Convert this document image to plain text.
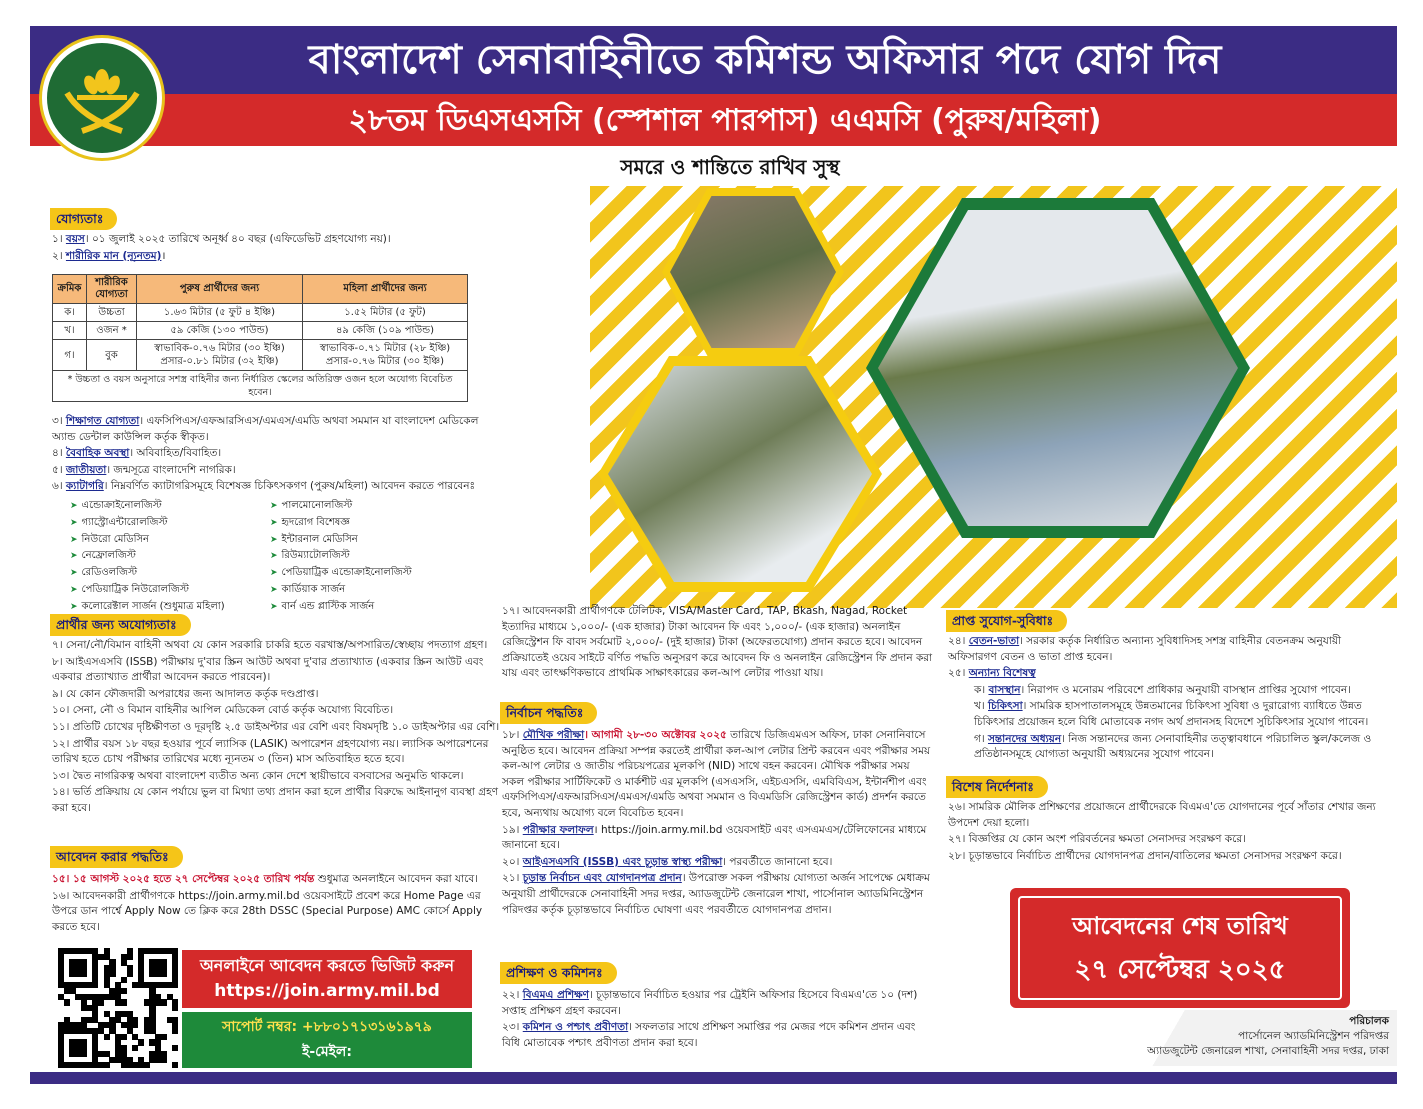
বাংলাদেশ সেনাবাহিনীতে কমিশন্ড অফিসার পদে যোগ দিন
২৮তম ডিএসএসসি (স্পেশাল পারপাস) এএমসি (পুরুষ/মহিলা)
সমরে ও শান্তিতে রাখিব সুস্থ
যোগ্যতাঃ

১। বয়স। ০১ জুলাই ২০২৫ তারিখে অনূর্ধ্ব ৪০ বছর (এফিডেভিট গ্রহণযোগ্য নয়)।

২। শারীরিক মান (ন্যূনতম)।

ক্রমিক	শারীরিক যোগ্যতা	পুরুষ প্রার্থীদের জন্য	মহিলা প্রার্থীদের জন্য
ক।	উচ্চতা	১.৬৩ মিটার (৫ ফুট ৪ ইঞ্চি)	১.৫২ মিটার (৫ ফুট)
খ।	ওজন *	৫৯ কেজি (১৩০ পাউন্ড)	৪৯ কেজি (১০৯ পাউন্ড)
গ।	বুক	স্বাভাবিক-০.৭৬ মিটার (৩০ ইঞ্চি) প্রসার-০.৮১ মিটার (৩২ ইঞ্চি)	স্বাভাবিক-০.৭১ মিটার (২৮ ইঞ্চি) প্রসার-০.৭৬ মিটার (৩০ ইঞ্চি)
* উচ্চতা ও বয়স অনুসারে সশস্ত্র বাহিনীর জন্য নির্ধারিত স্কেলের অতিরিক্ত ওজন হলে অযোগ্য বিবেচিত হবেন।			

৩। শিক্ষাগত যোগ্যতা। এফসিপিএস/এফআরসিএস/এমএস/এমডি অথবা সমমান যা বাংলাদেশ মেডিকেল অ্যান্ড ডেন্টাল কাউন্সিল কর্তৃক স্বীকৃত।

৪। বৈবাহিক অবস্থা। অবিবাহিত/বিবাহিত।

৫। জাতীয়তা। জন্মসূত্রে বাংলাদেশি নাগরিক।

৬। ক্যাটাগরি। নিম্নবর্ণিত ক্যাটাগরিসমূহে বিশেষজ্ঞ চিকিৎসকগণ (পুরুষ/মহিলা) আবেদন করতে পারবেনঃ

➤ এন্ডোক্রাইনোলজিস্ট
➤ গ্যাস্ট্রোএন্টারোলজিস্ট
➤ নিউরো মেডিসিন
➤ নেফ্রোলজিস্ট
➤ রেডিওলজিস্ট
➤ পেডিয়াট্রিক নিউরোলজিস্ট
➤ কলোরেক্টাল সার্জন (শুধুমাত্র মহিলা)
➤ পালমোনোলজিস্ট
➤ হৃদরোগ বিশেষজ্ঞ
➤ ইন্টারনাল মেডিসিন
➤ রিউম্যাটোলজিস্ট
➤ পেডিয়াট্রিক এন্ডোক্রাইনোলজিস্ট
➤ কার্ডিয়াক সার্জন
➤ বার্ন এন্ড প্লাস্টিক সার্জন
প্রার্থীর জন্য অযোগ্যতাঃ

৭। সেনা/নৌ/বিমান বাহিনী অথবা যে কোন সরকারি চাকরি হতে বরখাস্ত/অপসারিত/স্বেচ্ছায় পদত্যাগ গ্রহণ।

৮। আইএসএসবি (ISSB) পরীক্ষায় দু'বার স্ক্রিন আউট অথবা দু'বার প্রত্যাখ্যাত (একবার স্ক্রিন আউট এবং একবার প্রত্যাখ্যাত প্রার্থীরা আবেদন করতে পারবেন)।

৯। যে কোন ফৌজদারী অপরাধের জন্য আদালত কর্তৃক দণ্ডপ্রাপ্ত।

১০। সেনা, নৌ ও বিমান বাহিনীর আপিল মেডিকেল বোর্ড কর্তৃক অযোগ্য বিবেচিত।

১১। প্রতিটি চোখের দৃষ্টিক্ষীণতা ও দূরদৃষ্টি ২.৫ ডাইঅপ্টার এর বেশি এবং বিষমদৃষ্টি ১.০ ডাইঅপ্টার এর বেশি।

১২। প্রার্থীর বয়স ১৮ বছর হওয়ার পূর্বে ল্যাসিক (LASIK) অপারেশন গ্রহণযোগ্য নয়। ল্যাসিক অপারেশনের তারিখ হতে চোখ পরীক্ষার তারিখের মধ্যে ন্যূনতম ৩ (তিন) মাস অতিবাহিত হতে হবে।

১৩। দ্বৈত নাগরিকত্ব অথবা বাংলাদেশ ব্যতীত অন্য কোন দেশে স্থায়ীভাবে বসবাসের অনুমতি থাকলে।

১৪। ভর্তি প্রক্রিয়ায় যে কোন পর্যায়ে ভুল বা মিথ্যা তথ্য প্রদান করা হলে প্রার্থীর বিরুদ্ধে আইনানুগ ব্যবস্থা গ্রহণ করা হবে।

আবেদন করার পদ্ধতিঃ

১৫। ১৫ আগস্ট ২০২৫ হতে ২৭ সেপ্টেম্বর ২০২৫ তারিখ পর্যন্ত শুধুমাত্র অনলাইনে আবেদন করা যাবে।

১৬। আবেদনকারী প্রার্থীগণকে https://join.army.mil.bd ওয়েবসাইটে প্রবেশ করে Home Page এর উপরে ডান পার্শ্বে Apply Now তে ক্লিক করে 28th DSSC (Special Purpose) AMC কোর্সে Apply করতে হবে।

অনলাইনে আবেদন করতে ভিজিট করুন
https://join.army.mil.bd
সাপোর্ট নম্বর: +৮৮০১৭১৩১৬১৯৭৯
ই-মেইল:
১৭। আবেদনকারী প্রার্থীগণকে টেলিটক, VISA/Master Card, TAP, Bkash, Nagad, Rocket ইত্যাদির মাধ্যমে ১,০০০/- (এক হাজার) টাকা আবেদন ফি এবং ১,০০০/- (এক হাজার) অনলাইন রেজিস্ট্রেশন ফি বাবদ সর্বমোট ২,০০০/- (দুই হাজার) টাকা (অফেরতযোগ্য) প্রদান করতে হবে। আবেদন প্রক্রিয়াতেই ওয়েব সাইটে বর্ণিত পদ্ধতি অনুসরণ করে আবেদন ফি ও অনলাইন রেজিস্ট্রেশন ফি প্রদান করা যায় এবং তাৎক্ষণিকভাবে প্রাথমিক সাক্ষাৎকারের কল-আপ লেটার পাওয়া যায়।
নির্বাচন পদ্ধতিঃ

১৮। মৌখিক পরীক্ষা। আগামী ২৮-৩০ অক্টোবর ২০২৫ তারিখে ডিজিএমএস অফিস, ঢাকা সেনানিবাসে অনুষ্ঠিত হবে। আবেদন প্রক্রিয়া সম্পন্ন করতেই প্রার্থীরা কল-আপ লেটার প্রিন্ট করবেন এবং পরীক্ষার সময় কল-আপ লেটার ও জাতীয় পরিচয়পত্রের মূলকপি (NID) সাথে বহন করবেন। মৌখিক পরীক্ষার সময় সকল পরীক্ষার সার্টিফিকেট ও মার্কশীট এর মূলকপি (এসএসসি, এইচএসসি, এমবিবিএস, ইন্টার্নশীপ এবং এফসিপিএস/এফআরসিএস/এমএস/এমডি অথবা সমমান ও বিএমডিসি রেজিস্ট্রেশন কার্ড) প্রদর্শন করতে হবে, অন্যথায় অযোগ্য বলে বিবেচিত হবেন।

১৯। পরীক্ষার ফলাফল। https://join.army.mil.bd ওয়েবসাইট এবং এসএমএস/টেলিফোনের মাধ্যমে জানানো হবে।

২০। আইএসএসবি (ISSB) এবং চূড়ান্ত স্বাস্থ্য পরীক্ষা। পরবর্তীতে জানানো হবে।

২১। চূড়ান্ত নির্বাচন এবং যোগদানপত্র প্রদান। উপরোক্ত সকল পরীক্ষায় যোগ্যতা অর্জন সাপেক্ষে মেধাক্রম অনুযায়ী প্রার্থীদেরকে সেনাবাহিনী সদর দপ্তর, অ্যাডজুটেন্ট জেনারেল শাখা, পার্সোনাল অ্যাডমিনিস্ট্রেশন পরিদপ্তর কর্তৃক চূড়ান্তভাবে নির্বাচিত ঘোষণা এবং পরবর্তীতে যোগদানপত্র প্রদান।

প্রশিক্ষণ ও কমিশনঃ

২২। বিএমএ প্রশিক্ষণ। চূড়ান্তভাবে নির্বাচিত হওয়ার পর ট্রেইনি অফিসার হিসেবে বিএমএ'তে ১০ (দশ) সপ্তাহ প্রশিক্ষণ গ্রহণ করবেন।

২৩। কমিশন ও পশ্চাৎ প্রবীণতা। সফলতার সাথে প্রশিক্ষণ সমাপ্তির পর মেজর পদে কমিশন প্রদান এবং বিধি মোতাবেক পশ্চাৎ প্রবীণতা প্রদান করা হবে।

প্রাপ্ত সুযোগ-সুবিধাঃ

২৪। বেতন-ভাতা। সরকার কর্তৃক নির্ধারিত অন্যান্য সুবিধাদিসহ সশস্ত্র বাহিনীর বেতনক্রম অনুযায়ী অফিসারগণ বেতন ও ভাতা প্রাপ্ত হবেন।

২৫। অন্যান্য বিশেষত্ব

ক। বাসস্থান। নিরাপদ ও মনোরম পরিবেশে প্রাধিকার অনুযায়ী বাসস্থান প্রাপ্তির সুযোগ পাবেন।

খ। চিকিৎসা। সামরিক হাসপাতালসমূহে উন্নতমানের চিকিৎসা সুবিধা ও দুরারোগ্য ব্যাধিতে উন্নত চিকিৎসার প্রয়োজন হলে বিধি মোতাবেক নগদ অর্থ প্রদানসহ বিদেশে সুচিকিৎসার সুযোগ পাবেন।

গ। সন্তানদের অধ্যয়ন। নিজ সন্তানদের জন্য সেনাবাহিনীর তত্ত্বাবধানে পরিচালিত স্কুল/কলেজ ও প্রতিষ্ঠানসমূহে যোগ্যতা অনুযায়ী অধ্যয়নের সুযোগ পাবেন।

বিশেষ নির্দেশনাঃ

২৬। সামরিক মৌলিক প্রশিক্ষণের প্রয়োজনে প্রার্থীদেরকে বিএমএ'তে যোগদানের পূর্বে সাঁতার শেখার জন্য উপদেশ দেয়া হলো।

২৭। বিজ্ঞপ্তির যে কোন অংশ পরিবর্তনের ক্ষমতা সেনাসদর সংরক্ষণ করে।

২৮। চূড়ান্তভাবে নির্বাচিত প্রার্থীদের যোগদানপত্র প্রদান/বাতিলের ক্ষমতা সেনাসদর সংরক্ষণ করে।

আবেদনের শেষ তারিখ
২৭ সেপ্টেম্বর ২০২৫
পরিচালক
পার্সোনেল অ্যাডমিনিস্ট্রেশন পরিদপ্তর
অ্যাডজুটেন্ট জেনারেল শাখা, সেনাবাহিনী সদর দপ্তর, ঢাকা
